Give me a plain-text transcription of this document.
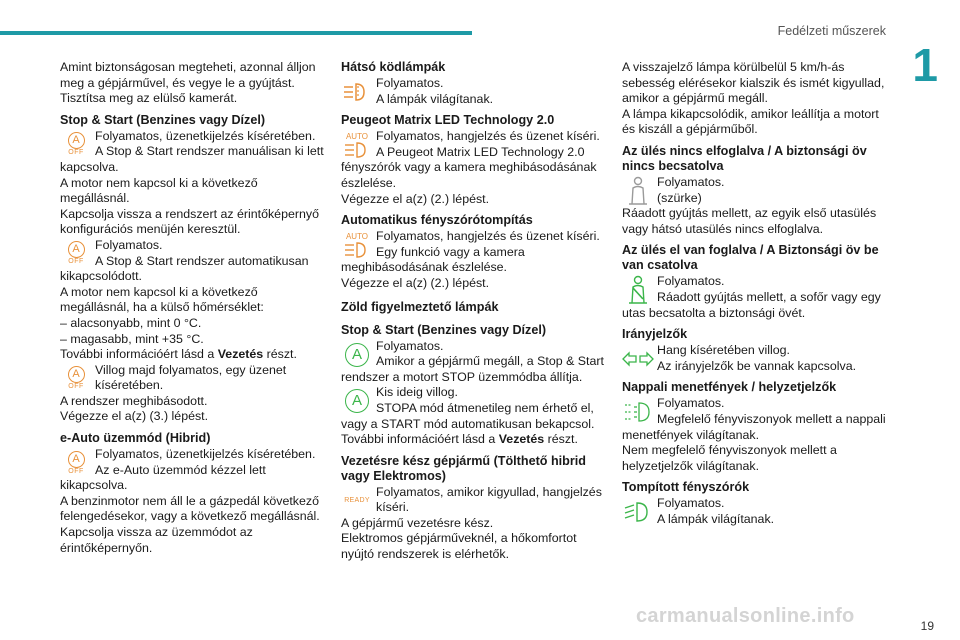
Fedélzeti műszerek
1

Amint biztonságosan megteheti, azonnal álljon meg a gépjárművel, és vegye le a gyújtást. Tisztítsa meg az elülső kamerát.

Stop & Start (Benzines vagy Dízel)
A
OFF

Folyamatos, üzenetkijelzés kíséretében.

A Stop & Start rendszer manuálisan ki lett kapcsolva.

A motor nem kapcsol ki a következő megállásnál.

Kapcsolja vissza a rendszert az érintőképernyő konfigurációs menüjén keresztül.

A
OFF

Folyamatos.

A Stop & Start rendszer automatikusan kikapcsolódott.

A motor nem kapcsol ki a következő megállásnál, ha a külső hőmérséklet:

– alacsonyabb, mint 0 °C.

– magasabb, mint +35 °C.

További információért lásd a Vezetés részt.

A
OFF

Villog majd folyamatos, egy üzenet kíséretében.

A rendszer meghibásodott.

Végezze el a(z) (3.) lépést.

e-Auto üzemmód (Hibrid)
A
OFF

Folyamatos, üzenetkijelzés kíséretében.

Az e-Auto üzemmód kézzel lett kikapcsolva.

A benzinmotor nem áll le a gázpedál következő felengedésekor, vagy a következő megállásnál.

Kapcsolja vissza az üzemmódot az érintőképernyőn.

Hátsó ködlámpák

Folyamatos.

A lámpák világítanak.

Peugeot Matrix LED Technology 2.0
AUTO Folyamatos, hangjelzés és üzenet kíséri.

A Peugeot Matrix LED Technology 2.0 fényszórók vagy a kamera meghibásodásának észlelése.

Végezze el a(z) (2.) lépést.

Automatikus fényszórótompítás
AUTO Folyamatos, hangjelzés és üzenet kíséri.

Egy funkció vagy a kamera meghibásodásának észlelése.

Végezze el a(z) (2.) lépést.

Zöld figyelmeztető lámpák
Stop & Start (Benzines vagy Dízel)
A	Folyamatos.

Amikor a gépjármű megáll, a Stop & Start rendszer a motort STOP üzemmódba állítja.

A	Kis ideig villog.

STOPA mód átmenetileg nem érhető el, vagy a START mód automatikusan bekapcsol.

További információért lásd a Vezetés részt.

Vezetésre kész gépjármű (Tölthető hibrid vagy Elektromos)
READY

Folyamatos, amikor kigyullad, hangjelzés kíséri.

A gépjármű vezetésre kész.

Elektromos gépjárműveknél, a hőkomfortot nyújtó rendszerek is elérhetők.

A visszajelző lámpa körülbelül 5 km/h-ás sebesség elérésekor kialszik és ismét kigyullad, amikor a gépjármű megáll.

A lámpa kikapcsolódik, amikor leállítja a motort és kiszáll a gépjárműből.

Az ülés nincs elfoglalva / A biztonsági öv nincs becsatolva

Folyamatos.

(szürke)

Ráadott gyújtás mellett, az egyik első utasülés vagy hátsó utasülés nincs elfoglalva.

Az ülés el van foglalva / A Biztonsági öv be van csatolva

Folyamatos.

Ráadott gyújtás mellett, a sofőr vagy egy utas becsatolta a biztonsági övét.

Irányjelzők

Hang kíséretében villog.

Az irányjelzők be vannak kapcsolva.

Nappali menetfények / helyzetjelzők

Folyamatos.

Megfelelő fényviszonyok mellett a nappali menetfények világítanak.

Nem megfelelő fényviszonyok mellett a helyzetjelzők világítanak.

Tompított fényszórók

Folyamatos.

A lámpák világítanak.

carmanualsonline.info	19
